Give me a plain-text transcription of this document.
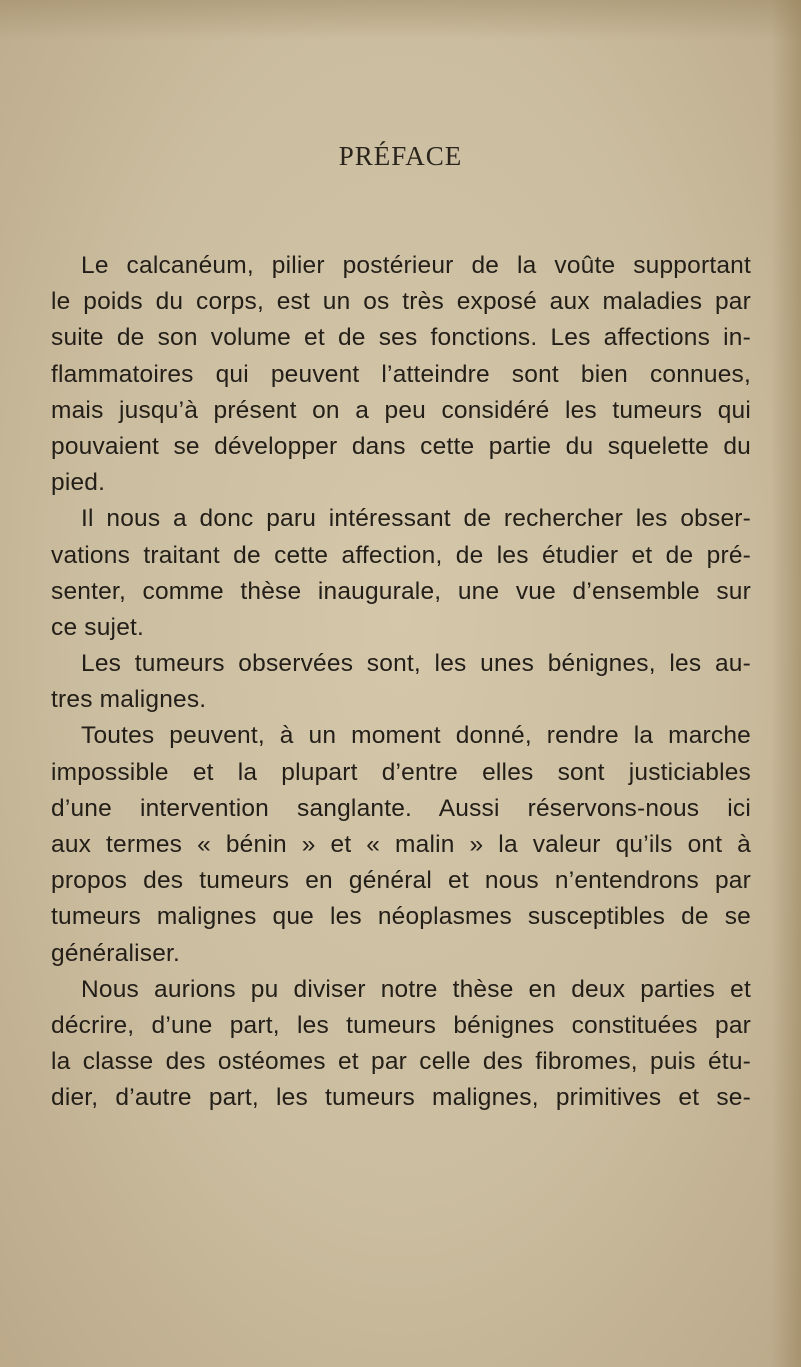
PRÉFACE
Le calcanéum, pilier postérieur de la voûte supportant
le poids du corps, est un os très exposé aux maladies par
suite de son volume et de ses fonctions. Les affections in-
flammatoires qui peuvent l’atteindre sont bien connues,
mais jusqu’à présent on a peu considéré les tumeurs qui
pouvaient se développer dans cette partie du squelette du
pied.
Il nous a donc paru intéressant de rechercher les obser-
vations traitant de cette affection, de les étudier et de pré-
senter, comme thèse inaugurale, une vue d’ensemble sur
ce sujet.
Les tumeurs observées sont, les unes bénignes, les au-
tres malignes.
Toutes peuvent, à un moment donné, rendre la marche
impossible et la plupart d’entre elles sont justiciables
d’une intervention sanglante. Aussi réservons-nous ici
aux termes « bénin » et « malin » la valeur qu’ils ont à
propos des tumeurs en général et nous n’entendrons par
tumeurs malignes que les néoplasmes susceptibles de se
généraliser.
Nous aurions pu diviser notre thèse en deux parties et
décrire, d’une part, les tumeurs bénignes constituées par
la classe des ostéomes et par celle des fibromes, puis étu-
dier, d’autre part, les tumeurs malignes, primitives et se-
